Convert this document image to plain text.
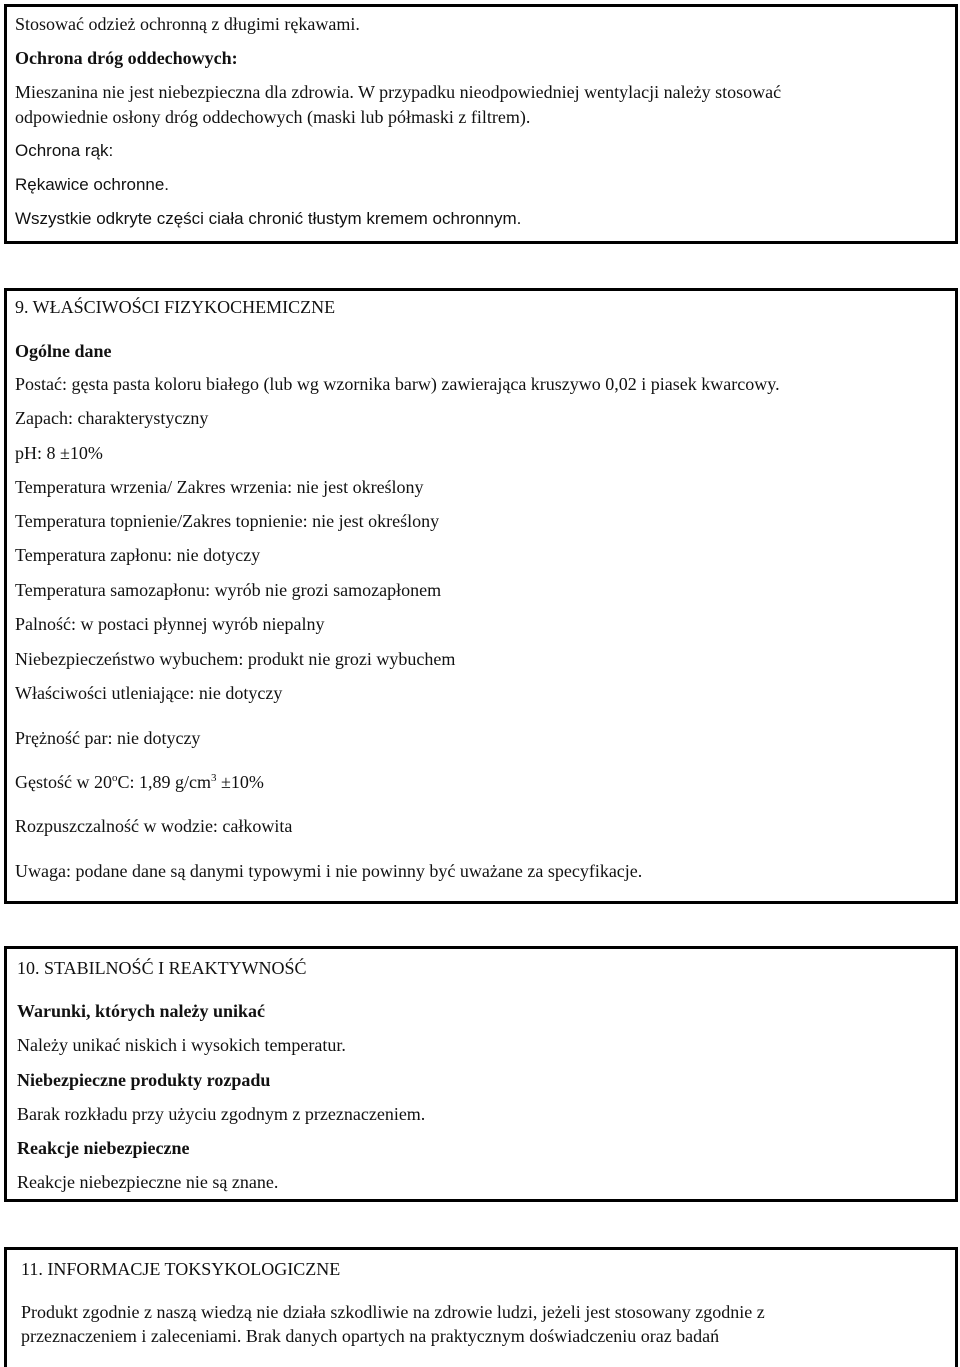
Stosować odzież ochronną z długimi rękawami.
Ochrona dróg oddechowych:
Mieszanina nie jest niebezpieczna dla zdrowia. W przypadku nieodpowiedniej wentylacji należy stosować
odpowiednie osłony dróg oddechowych (maski lub półmaski z filtrem).
Ochrona rąk:
Rękawice ochronne.
Wszystkie odkryte części ciała chronić tłustym kremem ochronnym.
9. WŁAŚCIWOŚCI FIZYKOCHEMICZNE
Ogólne dane
Postać: gęsta pasta koloru białego (lub wg wzornika barw) zawierająca kruszywo 0,02 i piasek kwarcowy.
Zapach: charakterystyczny
pH: 8 ±10%
Temperatura wrzenia/ Zakres wrzenia: nie jest określony
Temperatura topnienie/Zakres topnienie: nie jest określony
Temperatura zapłonu: nie dotyczy
Temperatura samozapłonu: wyrób nie grozi samozapłonem
Palność: w postaci płynnej wyrób niepalny
Niebezpieczeństwo wybuchem: produkt nie grozi wybuchem
Właściwości utleniające: nie dotyczy
Prężność par: nie dotyczy
Gęstość w 20$^o$C: 1,89 $g/cm^3 \pm 10\%$
Rozpuszczalność w wodzie: całkowita
Uwaga: podane dane są danymi typowymi i nie powinny być uważane za specyfikacje.
10. STABILNOŚĆ I REAKTYWNOŚĆ
Warunki, których należy unikać
Należy unikać niskich i wysokich temperatur.
Niebezpieczne produkty rozpadu
Barak rozkładu przy użyciu zgodnym z przeznaczeniem.
Reakcje niebezpieczne
Reakcje niebezpieczne nie są znane.
11. INFORMACJE TOKSYKOLOGICZNE
Produkt zgodnie z naszą wiedzą nie działa szkodliwie na zdrowie ludzi, jeżeli jest stosowany zgodnie z
przeznaczeniem i zaleceniami. Brak danych opartych na praktycznym doświadczeniu oraz badań
